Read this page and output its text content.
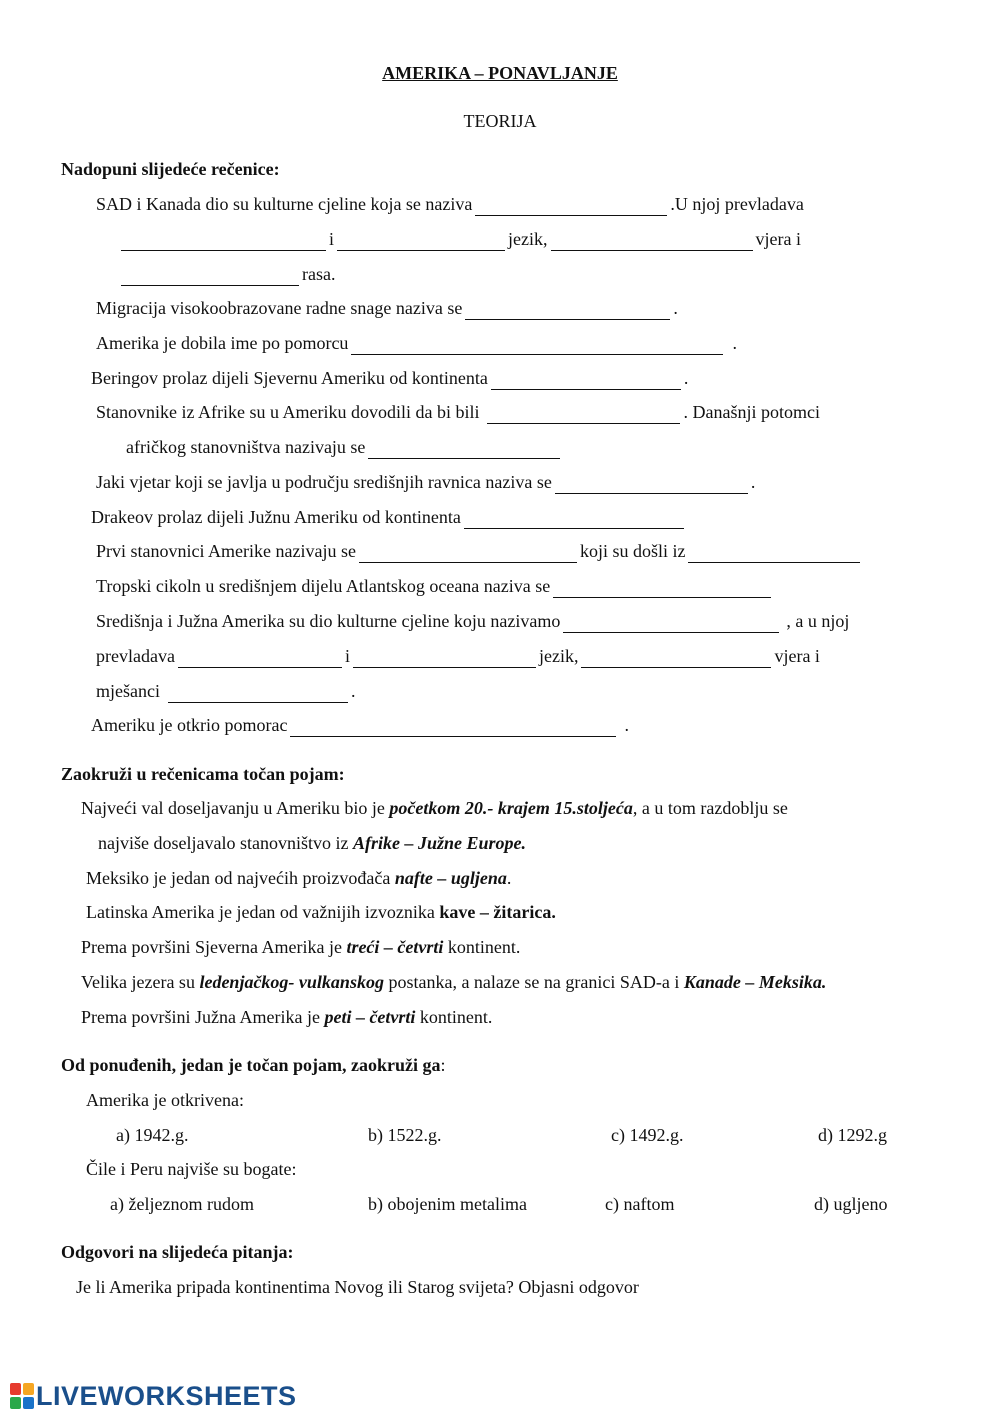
AMERIKA – PONAVLJANJE
TEORIJA
Nadopuni slijedeće rečenice:
SAD i Kanada dio su kulturne cjeline koja se naziva	.U njoj prevladava
i	jezik,	vjera i
rasa.
Migracija visokoobrazovane radne snage naziva se	.
Amerika je dobila ime po pomorcu	.
Beringov prolaz dijeli Sjevernu Ameriku od kontinenta	.
Stanovnike iz Afrike su u Ameriku dovodili da bi bili	. Današnji potomci
afričkog stanovništva nazivaju se
Jaki vjetar koji se javlja u području središnjih ravnica naziva se	.
Drakeov prolaz dijeli Južnu Ameriku od kontinenta
Prvi stanovnici Amerike nazivaju se	koji su došli iz
Tropski cikoln u središnjem dijelu Atlantskog oceana naziva se
Središnja i Južna Amerika su dio kulturne cjeline koju nazivamo	, a u njoj
prevladava	i	jezik,	vjera i
mješanci	.
Ameriku je otkrio pomorac	.
Zaokruži u rečenicama točan pojam:
Najveći val doseljavanju u Ameriku bio je početkom 20.- krajem 15.stoljeća, a u tom razdoblju se
najviše doseljavalo stanovništvo iz Afrike – Južne Europe.
Meksiko je jedan od najvećih proizvođača nafte – ugljena.
Latinska Amerika je jedan od važnijih izvoznika kave – žitarica.
Prema površini Sjeverna Amerika je treći – četvrti kontinent.
Velika jezera su ledenjačkog- vulkanskog postanka, a nalaze se na granici SAD-a i Kanade – Meksika.
Prema površini Južna Amerika je peti – četvrti kontinent.
Od ponuđenih, jedan je točan pojam, zaokruži ga:
Amerika je otkrivena:
a) 1942.g.	b) 1522.g.	c) 1492.g.	d) 1292.g
Čile i Peru najviše su bogate:
a) željeznom rudom	b) obojenim metalima	c) naftom	d) ugljeno
Odgovori na slijedeća pitanja:
Je li Amerika pripada kontinentima Novog ili Starog svijeta? Objasni odgovor
LIVEWORKSHEETS
